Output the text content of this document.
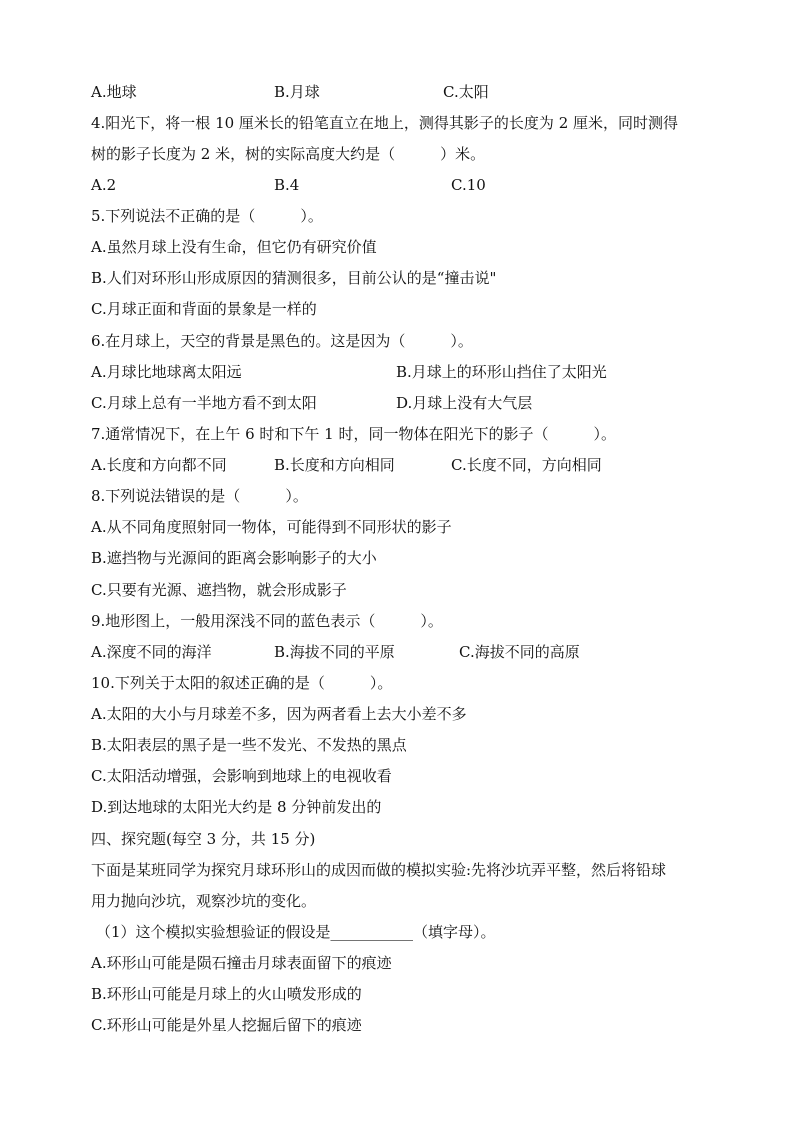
A.地球	B.月球	C.太阳
4.阳光下，将一根 10 厘米长的铅笔直立在地上，测得其影子的长度为 2 厘米，同时测得
树的影子长度为 2 米，树的实际高度大约是（　　　）米。
A.2	B.4	C.10
5.下列说法不正确的是（　　　）。
A.虽然月球上没有生命，但它仍有研究价值
B.人们对环形山形成原因的猜测很多，目前公认的是“撞击说"
C.月球正面和背面的景象是一样的
6.在月球上，天空的背景是黑色的。这是因为（　　　）。
A.月球比地球离太阳远	B.月球上的环形山挡住了太阳光
C.月球上总有一半地方看不到太阳	D.月球上没有大气层
7.通常情况下，在上午 6 时和下午 1 时，同一物体在阳光下的影子（　　　）。
A.长度和方向都不同	B.长度和方向相同	C.长度不同，方向相同
8.下列说法错误的是（　　　）。
A.从不同角度照射同一物体，可能得到不同形状的影子
B.遮挡物与光源间的距离会影响影子的大小
C.只要有光源、遮挡物，就会形成影子
9.地形图上，一般用深浅不同的蓝色表示（　　　）。
A.深度不同的海洋	B.海拔不同的平原	C.海拔不同的高原
10.下列关于太阳的叙述正确的是（　　　）。
A.太阳的大小与月球差不多，因为两者看上去大小差不多
B.太阳表层的黑子是一些不发光、不发热的黑点
C.太阳活动增强，会影响到地球上的电视收看
D.到达地球的太阳光大约是 8 分钟前发出的
四、探究题(每空 3 分，共 15 分)
下面是某班同学为探究月球环形山的成因而做的模拟实验:先将沙坑弄平整，然后将铅球
用力抛向沙坑，观察沙坑的变化。
（1）这个模拟实验想验证的假设是___________（填字母）。
A.环形山可能是陨石撞击月球表面留下的痕迹
B.环形山可能是月球上的火山喷发形成的
C.环形山可能是外星人挖掘后留下的痕迹
